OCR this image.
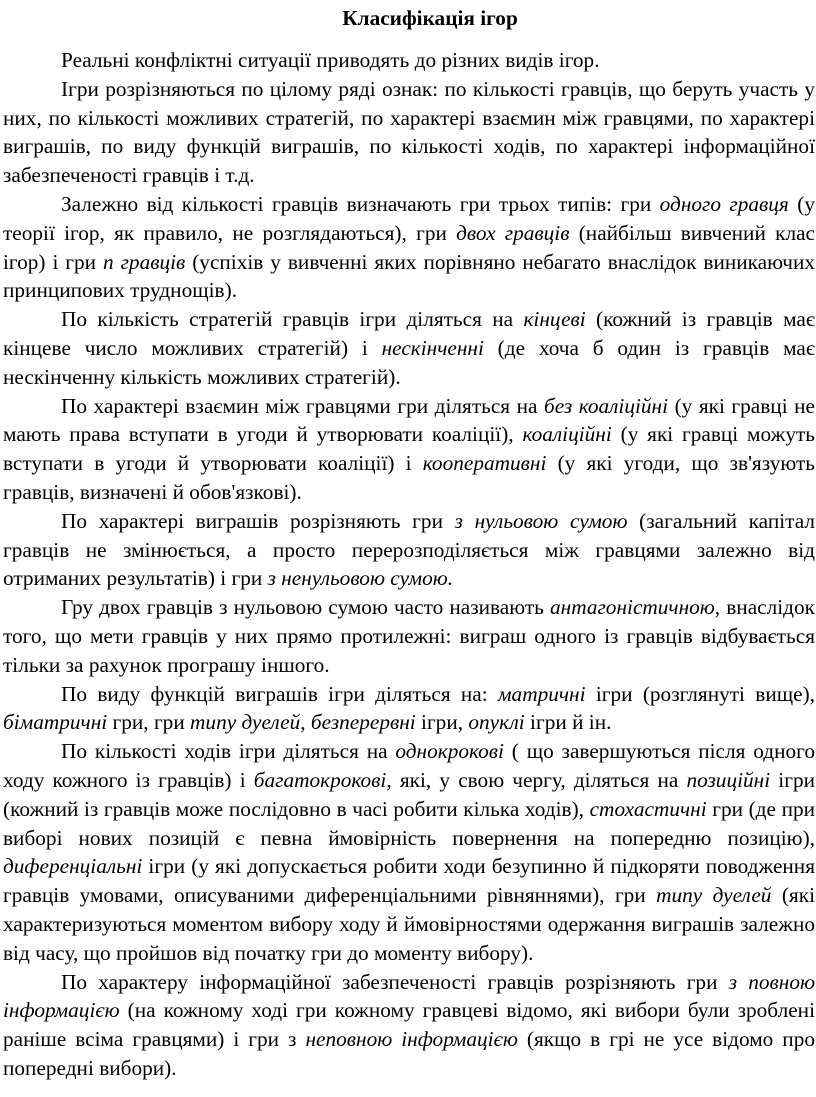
Класифікація ігор

Реальні конфліктні ситуації приводять до різних видів ігор.

Ігри розрізняються по цілому ряді ознак: по кількості гравців, що беруть участь у них, по кількості можливих стратегій, по характері взаємин між гравцями, по характері виграшів, по виду функцій виграшів, по кількості ходів, по характері інформаційної забезпеченості гравців і т.д.

Залежно від кількості гравців визначають гри трьох типів: гри одного гравця (у теорії ігор, як правило, не розглядаються), гри двох гравців (найбільш вивчений клас ігор) і гри n гравців (успіхів у вивченні яких порівняно небагато внаслідок виникаючих принципових труднощів).

По кількість стратегій гравців ігри діляться на кінцеві (кожний із гравців має кінцеве число можливих стратегій) і нескінченні (де хоча б один із гравців має нескінченну кількість можливих стратегій).

По характері взаємин між гравцями гри діляться на без коаліційні (у які гравці не мають права вступати в угоди й утворювати коаліції), коаліційні (у які гравці можуть вступати в угоди й утворювати коаліції) і кооперативні (у які угоди, що зв'язують гравців, визначені й обов'язкові).

По характері виграшів розрізняють гри з нульовою сумою (загальний капітал гравців не змінюється, а просто перерозподіляється між гравцями залежно від отриманих результатів) і гри з ненульовою сумою.

Гру двох гравців з нульовою сумою часто називають антагоністичною, внаслідок того, що мети гравців у них прямо протилежні: виграш одного із гравців відбувається тільки за рахунок програшу іншого.

По виду функцій виграшів ігри діляться на: матричні ігри (розглянуті вище), біматричні гри, гри типу дуелей, безперервні ігри, опуклі ігри й ін.

По кількості ходів ігри діляться на однокрокові ( що завершуються після одного ходу кожного із гравців) і багатокрокові, які, у свою чергу, діляться на позиційні ігри (кожний із гравців може послідовно в часі робити кілька ходів), стохастичні гри (де при виборі нових позицій є певна ймовірність повернення на попередню позицію), диференціальні ігри (у які допускається робити ходи безупинно й підкоряти поводження гравців умовами, описуваними диференціальними рівняннями), гри типу дуелей (які характеризуються моментом вибору ходу й ймовірностями одержання виграшів залежно від часу, що пройшов від початку гри до моменту вибору).

По характеру інформаційної забезпеченості гравців розрізняють гри з повною інформацією (на кожному ході гри кожному гравцеві відомо, які вибори були зроблені раніше всіма гравцями) і гри з неповною інформацією (якщо в грі не усе відомо про попередні вибори).
